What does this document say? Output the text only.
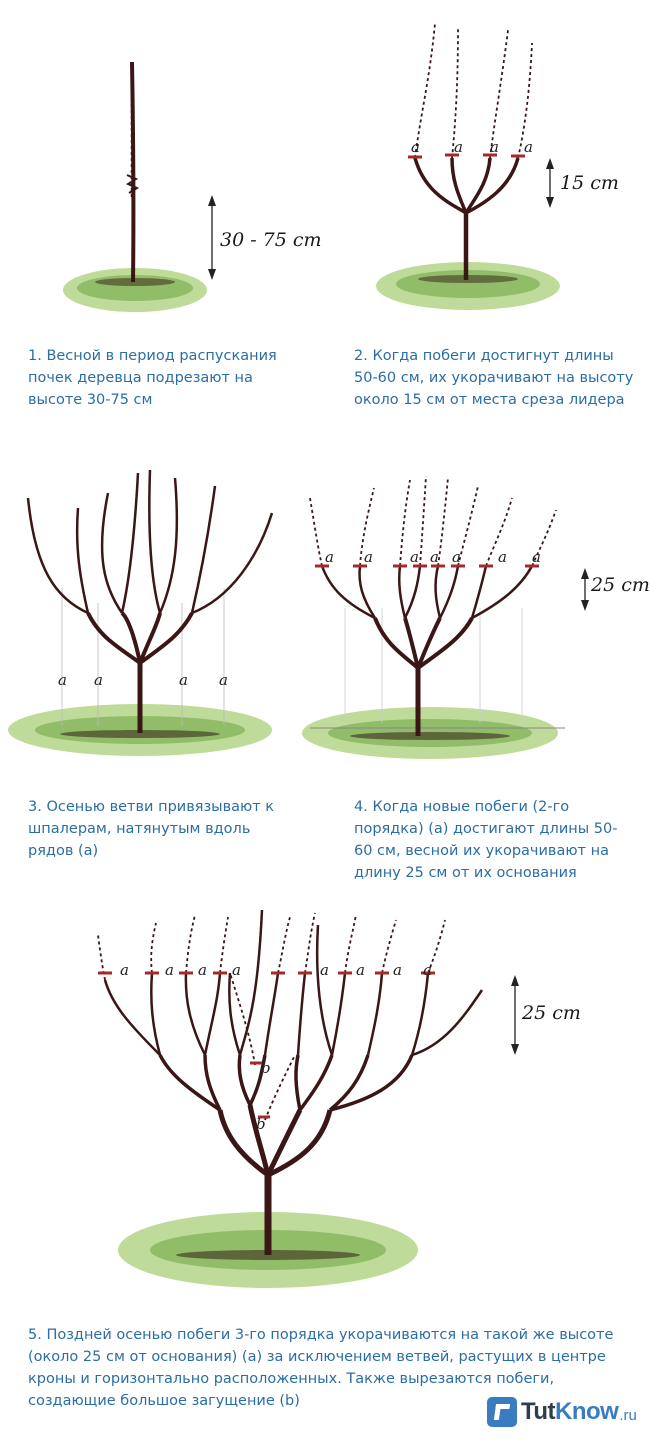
30 - 75 cm
1. Весной в период распускания почек деревца подрезают на высоте 30-75 см
a a a a
15 cm
2. Когда побеги достигнут длины 50-60 см, их укорачивают на высоту около 15 см от места среза лидера
a a	a a
3. Осенью ветви привязывают к шпалерам, натянутым вдоль рядов (а)
a a a a a a a
25 cm
4. Когда новые побеги (2-го порядка) (а) достигают длины 50-60 см, весной их укорачивают на длину 25 см от их основания
a a a a	a a a a
b
b
25 cm
5. Поздней осенью побеги 3-го порядка укорачиваются на такой же высоте (около 25 см от основания) (а) за исключением ветвей, растущих в центре кроны и горизонтально расположенных. Также вырезаются побеги, создающие большое загущение (b)	TutKnow .ru
